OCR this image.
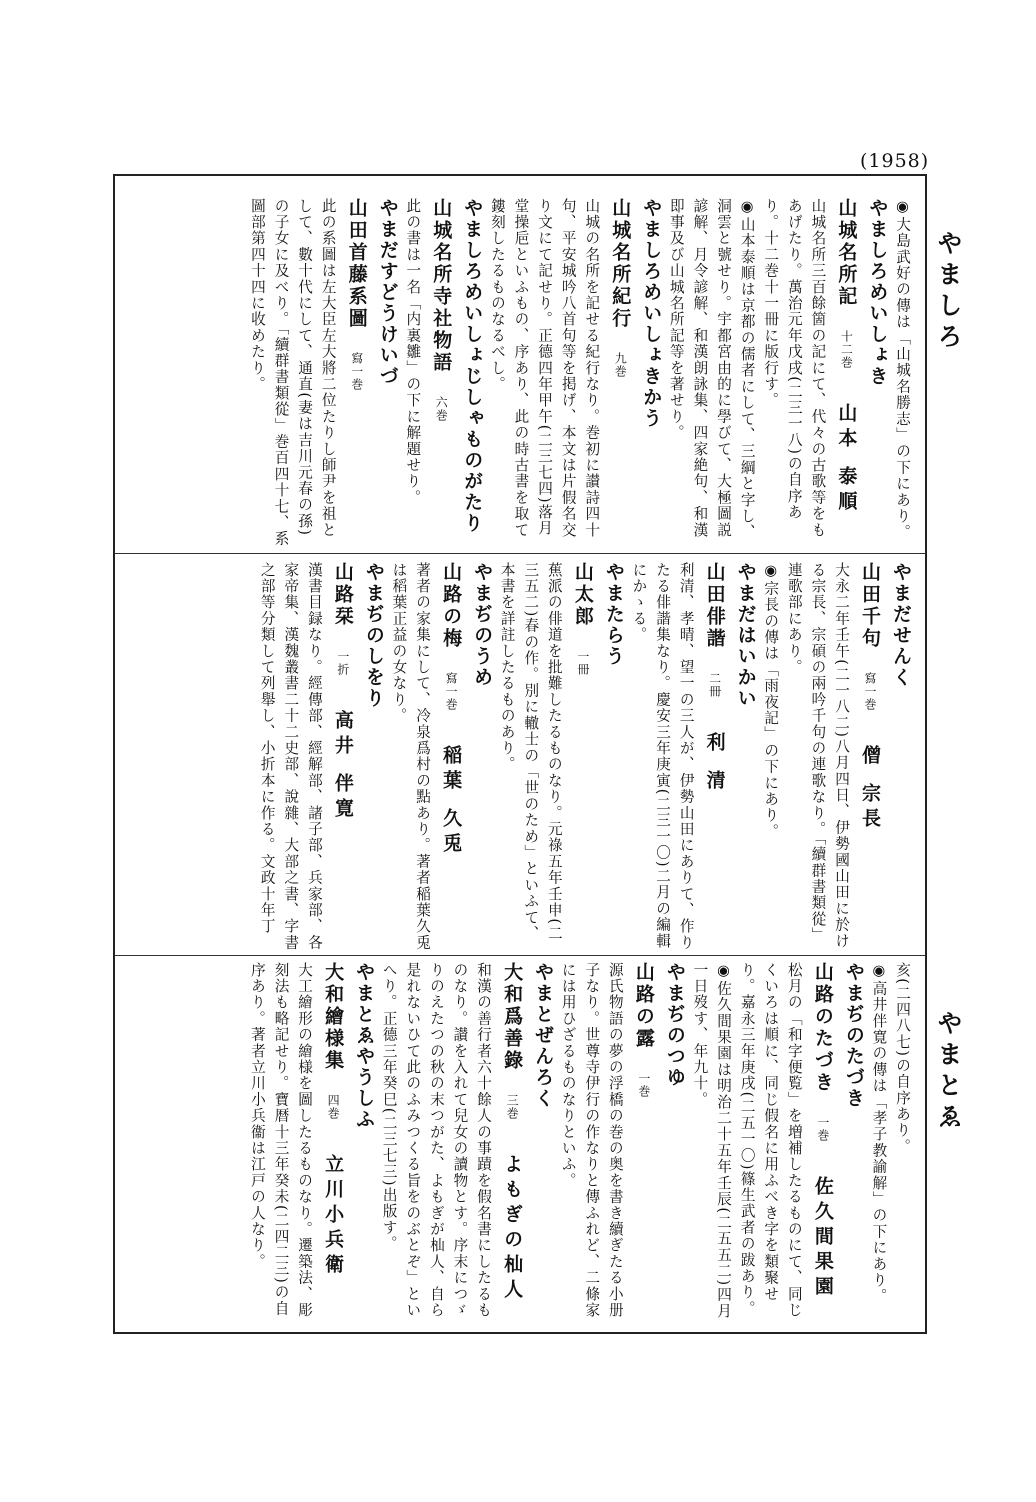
(1958)
やましろ
やまとゑ
◉大島武好の傳は「山城名勝志」の下にあり。
やましろめいしょき
山城名所記十二巻山本 泰順
山城名所三百餘箇の記にて、代々の古歌等をもあげたり。萬治元年戊戌(二三一八)の自序あり。十二巻十一冊に版行す。
◉山本泰順は京都の儒者にして、三綱と字し、洞雲と號せり。宇都宮由的に學びて、大極圖説諺解、月令諺解、和漢朗詠集、四家絶句、和漢即事及び山城名所記等を著せり。
やましろめいしょきかう
山城名所紀行九巻
山城の名所を記せる紀行なり。巻初に讃詩四十句、平安城吟八首句等を掲げ、本文は片假名交り文にて記せり。正德四年甲午(二三七四)落月堂操巵といふもの、序あり、此の時古書を取て鏤刻したるものなるべし。
やましろめいしょじしゃものがたり
山城名所寺社物語六巻
此の書は一名「内裏雛」の下に解題せり。
やまだすどうけいづ
山田首藤系圖寫一巻
此の系圖は左大臣左大將二位たりし師尹を祖として、數十代にして、通直(妻は吉川元春の孫)の子女に及べり。「續群書類從」巻百四十七、系圖部第四十四に收めたり。
やまだせんく
山田千句寫一巻僧 宗長
大永二年壬午(二一八二)八月四日、伊勢國山田に於ける宗長、宗碩の兩吟千句の連歌なり。「續群書類從」連歌部にあり。
◉宗長の傳は「雨夜記」の下にあり。
やまだはいかい
山田俳諧二冊利 清
利清、孝晴、望一の三人が、伊勢山田にありて、作りたる俳諧集なり。慶安三年庚寅(二三一〇)二月の編輯にかゝる。
やまたらう
山太郎一冊
蕉派の俳道を批難したるものなり。元祿五年壬申(二三五二)春の作。別に轍士の「世のため」といふて、本書を詳註したるものあり。
やまぢのうめ
山路の梅寫一巻稲葉 久兎
著者の家集にして、冷泉爲村の點あり。著者稲葉久兎は稻葉正益の女なり。
やまぢのしをり
山路栞一折高井 伴寛
漢書目録なり。經傳部、經解部、諸子部、兵家部、各家帝集、漢魏叢書二十二史部、說雜、大部之書、字書之部等分類して列舉し、小折本に作る。文政十年丁
亥(二四八七)の自序あり。
◉高井伴寛の傳は「孝子教諭解」の下にあり。
やまぢのたづき
山路のたづき一巻佐久間果園
松月の「和字便覧」を増補したるものにて、同じくいろは順に、同じ假名に用ふべき字を類聚せり。嘉永三年庚戌(二五一〇)篠生武者の跋あり。
◉佐久間果園は明治二十五年壬辰(二五五二)四月一日歿す、年九十。
やまぢのつゆ
山路の露一巻
源氏物語の夢の浮橋の巻の奥を書き續ぎたる小册子なり。世尊寺伊行の作なりと傳ふれど、二條家には用ひざるものなりといふ。
やまとぜんろく
大和爲善錄三巻よもぎの杣人
和漢の善行者六十餘人の事蹟を假名書にしたるものなり。讃を入れて兒女の讀物とす。序末につゞりのえたつの秋の末つがた、よもぎが杣人、自ら是れないひて此のふみつくる旨をのぶとぞ」といへり。正德三年癸巳(二三七三)出版す。
やまとゑやうしふ
大和繪様集四巻立川小兵衛
大工繪形の繪様を圖したるものなり。遷築法、彫刻法も略記せり。寶暦十三年癸未(二四二三)の自序あり。著者立川小兵衞は江戸の人なり。
